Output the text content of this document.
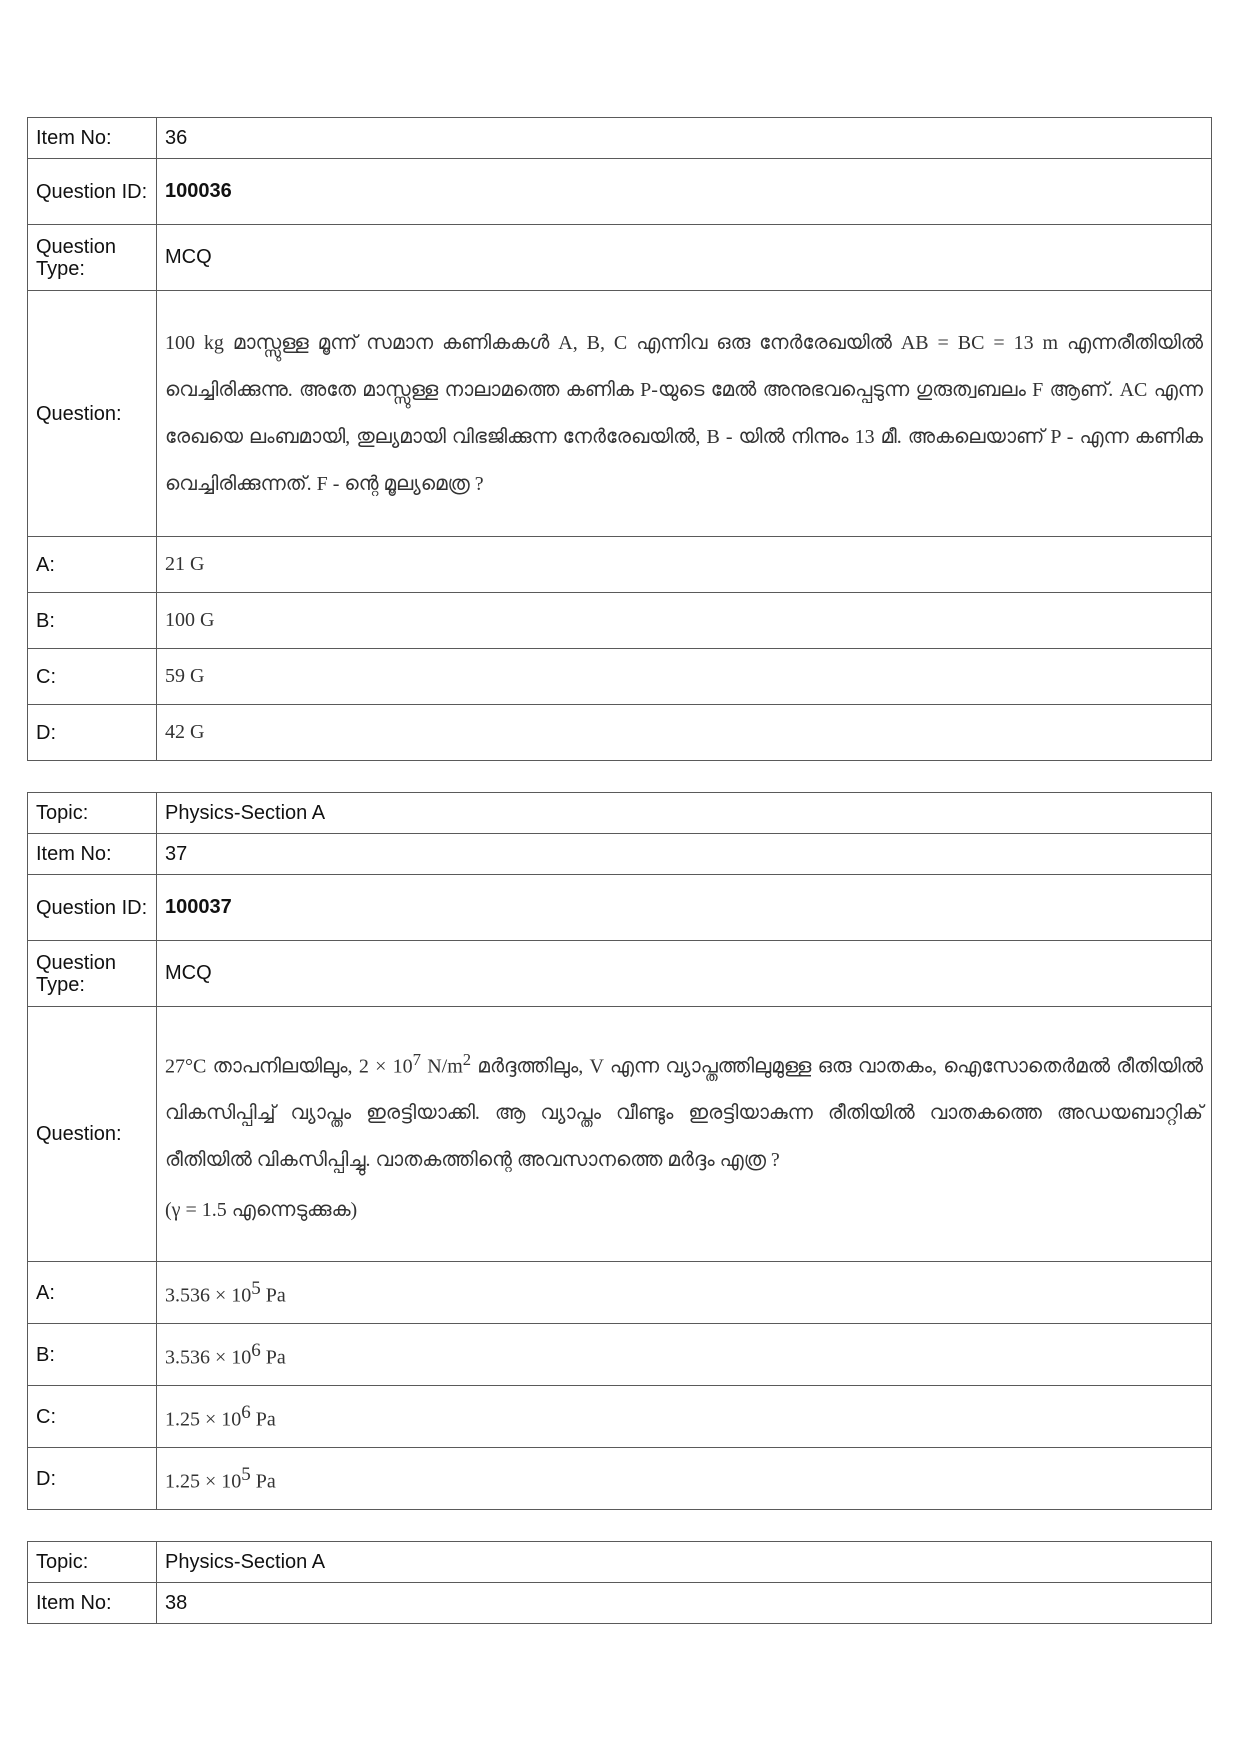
Item No:	36
Question ID:	100036
Question Type:	MCQ
Question:	100 kg മാസ്സുള്ള മൂന്ന് സമാന കണികകൾ A, B, C എന്നിവ ഒരു നേർരേഖയിൽ AB = BC = 13 m എന്നരീതിയിൽ വെച്ചിരിക്കുന്നു. അതേ മാസ്സുള്ള നാലാമത്തെ കണിക P-യുടെ മേൽ അനുഭവപ്പെടുന്ന ഗുരുത്വബലം F ആണ്. AC എന്ന രേഖയെ ലംബമായി, തുല്യമായി വിഭജിക്കുന്ന നേർരേഖയിൽ, B - യിൽ നിന്നും 13 മീ. അകലെയാണ് P - എന്ന കണിക വെച്ചിരിക്കുന്നത്. F - ന്റെ മൂല്യമെത്ര ?
A:	21 G
B:	100 G
C:	59 G
D:	42 G
Topic:	Physics-Section A
Item No:	37
Question ID:	100037
Question Type:	MCQ
Question:	27°C താപനിലയിലും, $2 \times 10^7$ $N/m^2$ മർദ്ദത്തിലും, V എന്ന വ്യാപ്തത്തിലുമുള്ള ഒരു വാതകം, ഐസോതെർമൽ രീതിയിൽ വികസിപ്പിച്ച് വ്യാപ്തം ഇരട്ടിയാക്കി. ആ വ്യാപ്തം വീണ്ടും ഇരട്ടിയാകുന്ന രീതിയിൽ വാതകത്തെ അഡയബാറ്റിക് രീതിയിൽ വികസിപ്പിച്ചു. വാതകത്തിന്റെ അവസാനത്തെ മർദ്ദം എത്ര ?
(γ = 1.5 എന്നെടുക്കുക)

A:	$3.536 \times 10^5$ Pa
B:	$3.536 \times 10^6$ Pa
C:	$1.25 \times 10^6$ Pa
D:	$1.25 \times 10^5$ Pa
Topic:	Physics-Section A
Item No:	38
